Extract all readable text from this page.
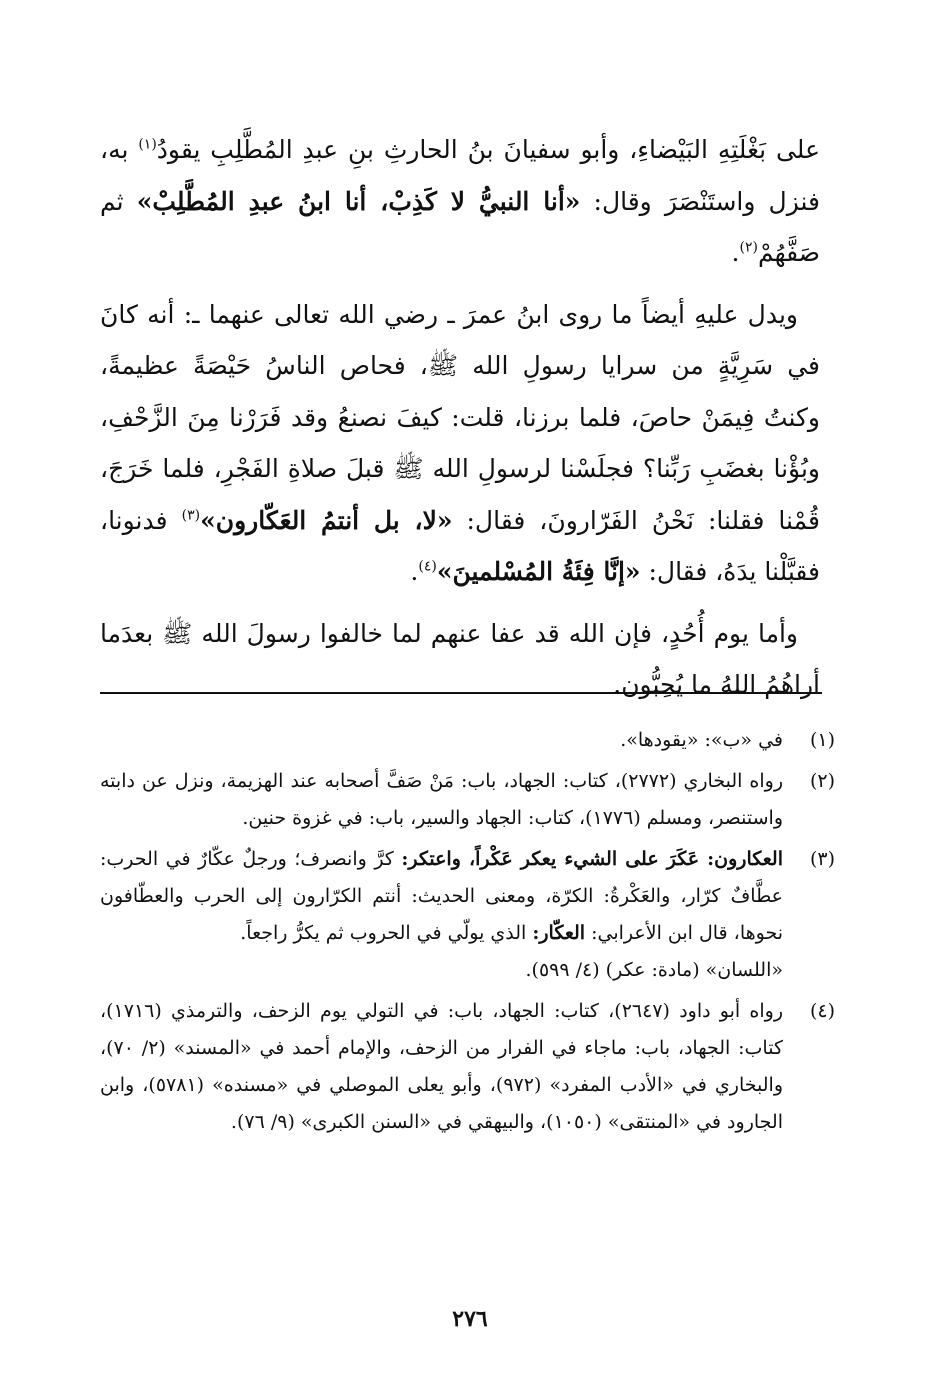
على بَغْلَتِهِ البَيْضاءِ، وأبو سفيانَ بنُ الحارثِ بنِ عبدِ المُطَّلِبِ يقودُ$^{(١)}$ به، فنزل واستَنْصَرَ وقال: «أنا النبيُّ لا كَذِبْ، أنا ابنُ عبدِ المُطَّلِبْ» ثم صَفَّهُمْ$^{(٢)}$.

ويدل عليهِ أيضاً ما روى ابنُ عمرَ ـ رضي الله تعالى عنهما ـ: أنه كانَ في سَرِيَّةٍ من سرايا رسولِ الله ﷺ، فحاص الناسُ حَيْصَةً عظيمةً، وكنتُ فِيمَنْ حاصَ، فلما برزنا، قلت: كيفَ نصنعُ وقد فَرَرْنا مِنَ الزَّحْفِ، وبُؤْنا بغضَبِ رَبِّنا؟ فجلَسْنا لرسولِ الله ﷺ قبلَ صلاةِ الفَجْرِ، فلما خَرَجَ، قُمْنا فقلنا: نَحْنُ الفَرّارونَ، فقال: «لا، بل أنتمُ العَكّارون»$^{(٣)}$ فدنونا، فقبَّلْنا يدَهُ، فقال: «إنَّا فِئَةُ المُسْلمينَ»$^{(٤)}$.

وأما يوم أُحُدٍ، فإن الله قد عفا عنهم لما خالفوا رسولَ الله ﷺ بعدَما أراهُمُ اللهُ ما يُحِبُّون.

(١)
في «ب»: «يقودها».
(٢)
رواه البخاري (٢٧٧٢)، كتاب: الجهاد، باب: مَنْ صَفَّ أصحابه عند الهزيمة، ونزل عن دابته واستنصر، ومسلم (١٧٧٦)، كتاب: الجهاد والسير، باب: في غزوة حنين.
(٣)
العكارون: عَكَرَ على الشيء يعكر عَكْراً، واعتكر: كرَّ وانصرف؛ ورجلٌ عكّارٌ في الحرب: عطَّافٌ كرّار، والعَكْرةُ: الكرّة، ومعنى الحديث: أنتم الكرّارون إلى الحرب والعطّافون نحوها، قال ابن الأعرابي: العكّار: الذي يولّي في الحروب ثم يكرُّ راجعاً.
«اللسان» (مادة: عكر) (٤/ ٥٩٩).
(٤)
رواه أبو داود (٢٦٤٧)، كتاب: الجهاد، باب: في التولي يوم الزحف، والترمذي (١٧١٦)، كتاب: الجهاد، باب: ماجاء في الفرار من الزحف، والإمام أحمد في «المسند» (٢/ ٧٠)، والبخاري في «الأدب المفرد» (٩٧٢)، وأبو يعلى الموصلي في «مسنده» (٥٧٨١)، وابن الجارود في «المنتقى» (١٠٥٠)، والبيهقي في «السنن الكبرى» (٩/ ٧٦).
٢٧٦
